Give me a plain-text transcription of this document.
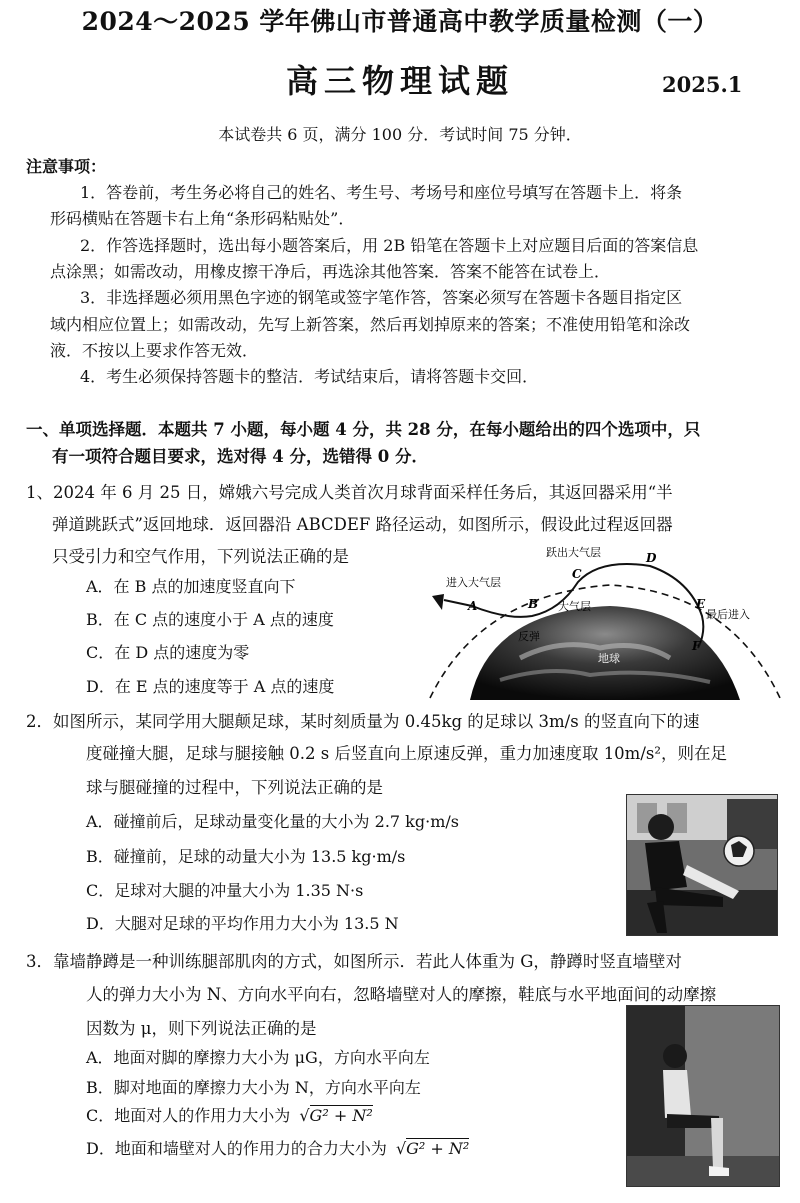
2024～2025 学年佛山市普通高中教学质量检测（一）
高三物理试题	2025.1
本试卷共 6 页，满分 100 分．考试时间 75 分钟．
注意事项：
1．答卷前，考生务必将自己的姓名、考生号、考场号和座位号填写在答题卡上．将条
形码横贴在答题卡右上角“条形码粘贴处”．
2．作答选择题时，选出每小题答案后，用 2B 铅笔在答题卡上对应题目后面的答案信息
点涂黑；如需改动，用橡皮擦干净后，再选涂其他答案．答案不能答在试卷上．
3．非选择题必须用黑色字迹的钢笔或签字笔作答，答案必须写在答题卡各题目指定区
域内相应位置上；如需改动，先写上新答案，然后再划掉原来的答案；不准使用铅笔和涂改
液．不按以上要求作答无效．
4．考生必须保持答题卡的整洁．考试结束后，请将答题卡交回．
一、单项选择题．本题共 7 小题，每小题 4 分，共 28 分，在每小题给出的四个选项中，只
有一项符合题目要求，选对得 4 分，选错得 0 分．
1、2024 年 6 月 25 日，嫦娥六号完成人类首次月球背面采样任务后，其返回器采用“半
弹道跳跃式”返回地球．返回器沿 ABCDEF 路径运动，如图所示，假设此过程返回器
只受引力和空气作用，下列说法正确的是
A．在 B 点的加速度竖直向下
B．在 C 点的速度小于 A 点的速度
C．在 D 点的速度为零
D．在 E 点的速度等于 A 点的速度
进入大气层
跃出大气层
大气层
反弹
最后进入
地球
A	B
C
D
E
F
2．如图所示，某同学用大腿颠足球，某时刻质量为 0.45kg 的足球以 3m/s 的竖直向下的速
度碰撞大腿，足球与腿接触 0.2 s 后竖直向上原速反弹，重力加速度取 10m/s²，则在足
球与腿碰撞的过程中，下列说法正确的是
A．碰撞前后，足球动量变化量的大小为 2.7 kg·m/s
B．碰撞前，足球的动量大小为 13.5 kg·m/s
C．足球对大腿的冲量大小为 1.35 N·s
D．大腿对足球的平均作用力大小为 13.5 N
3．靠墙静蹲是一种训练腿部肌肉的方式，如图所示．若此人体重为 G，静蹲时竖直墙壁对
人的弹力大小为 N、方向水平向右，忽略墙壁对人的摩擦，鞋底与水平地面间的动摩擦
因数为 μ，则下列说法正确的是
A．地面对脚的摩擦力大小为 μG，方向水平向左
B．脚对地面的摩擦力大小为 N，方向水平向左
C．地面对人的作用力大小为 √G² + N²
D．地面和墙壁对人的作用力的合力大小为 √G² + N²
